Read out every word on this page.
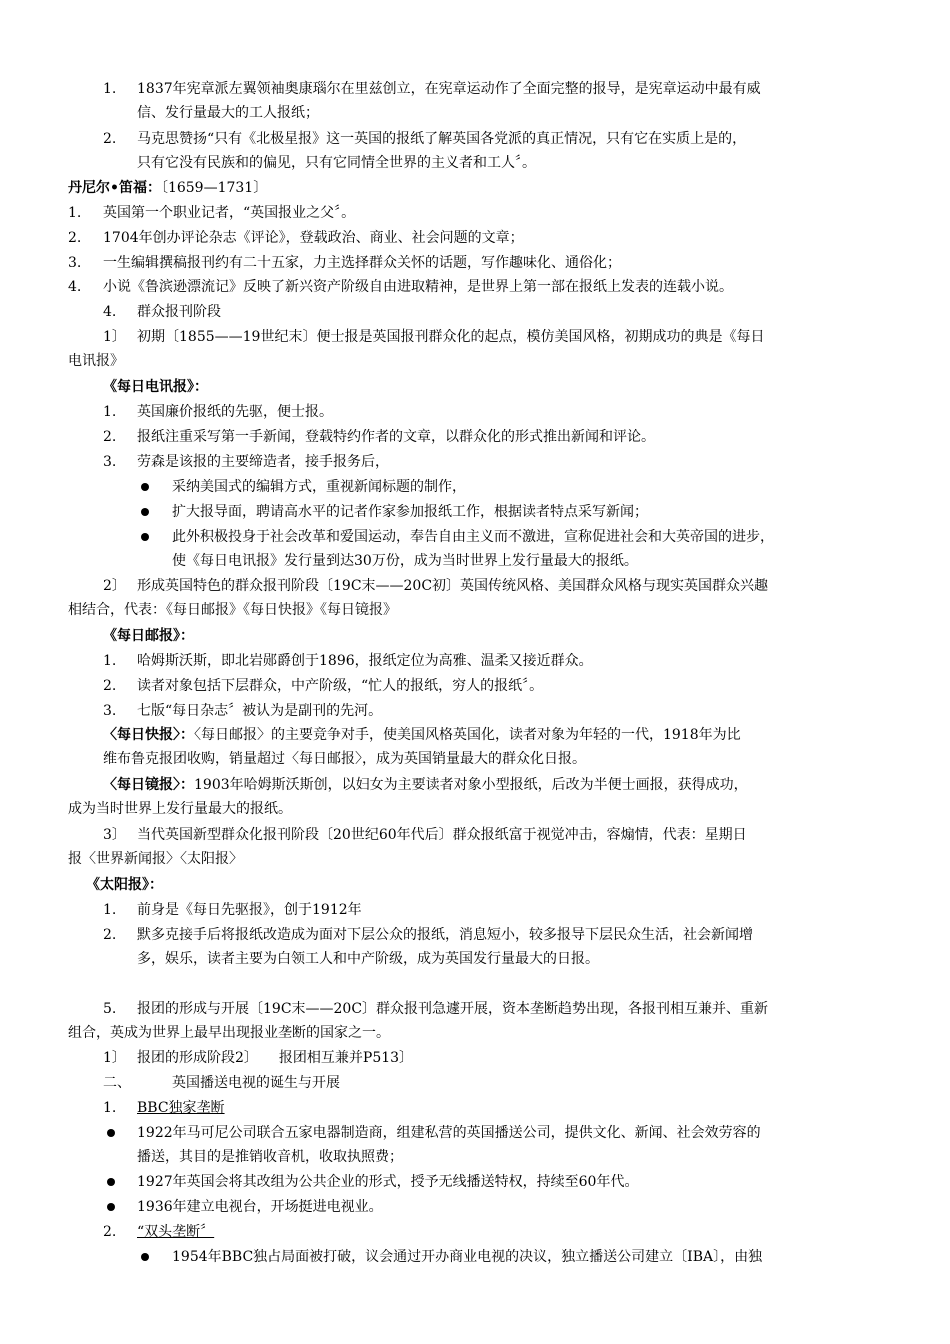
1. 1837年宪章派左翼领袖奥康瑙尔在里兹创立，在宪章运动作了全面完整的报导，是宪章运动中最有威
信、发行量最大的工人报纸；
2. 马克思赞扬“只有《北极星报》这一英国的报纸了解英国各党派的真正情况，只有它在实质上是的，
只有它没有民族和的偏见，只有它同情全世界的主义者和工人〞。
丹尼尔•笛福：〔1659—1731〕
1. 英国第一个职业记者，“英国报业之父〞。
2. 1704年创办评论杂志《评论》，登载政治、商业、社会问题的文章；
3. 一生编辑撰稿报刊约有二十五家，力主选择群众关怀的话题，写作趣味化、通俗化；
4. 小说《鲁滨逊漂流记》反映了新兴资产阶级自由进取精神，是世界上第一部在报纸上发表的连载小说。
4. 群众报刊阶段
1〕 初期〔1855——19世纪末〕便士报是英国报刊群众化的起点，模仿美国风格，初期成功的典是《每日
电讯报》
《每日电讯报》：
1. 英国廉价报纸的先驱，便士报。
2. 报纸注重采写第一手新闻，登载特约作者的文章，以群众化的形式推出新闻和评论。
3. 劳森是该报的主要缔造者，接手报务后，
采纳美国式的编辑方式，重视新闻标题的制作，
扩大报导面，聘请高水平的记者作家参加报纸工作，根据读者特点采写新闻；
此外积极投身于社会改革和爱国运动，奉告自由主义而不激进，宣称促进社会和大英帝国的进步，
使《每日电讯报》发行量到达30万份，成为当时世界上发行量最大的报纸。
2〕 形成英国特色的群众报刊阶段〔19C末——20C初〕英国传统风格、美国群众风格与现实英国群众兴趣
相结合，代表：《每日邮报》《每日快报》《每日镜报》
《每日邮报》：
1. 哈姆斯沃斯，即北岩郧爵创于1896，报纸定位为高雅、温柔又接近群众。
2. 读者对象包括下层群众，中产阶级，“忙人的报纸，穷人的报纸〞。
3. 七版“每日杂志〞被认为是副刊的先河。
〈每日快报〉：〈每日邮报〉的主要竞争对手，使美国风格英国化，读者对象为年轻的一代，1918年为比
维布鲁克报团收购，销量超过〈每日邮报〉，成为英国销量最大的群众化日报。
〈每日镜报〉：1903年哈姆斯沃斯创，以妇女为主要读者对象小型报纸，后改为半便士画报，获得成功，
成为当时世界上发行量最大的报纸。
3〕 当代英国新型群众化报刊阶段〔20世纪60年代后〕群众报纸富于视觉冲击，容煽情，代表：星期日
报〈世界新闻报〉〈太阳报〉
《太阳报》：
1. 前身是《每日先驱报》，创于1912年
2. 默多克接手后将报纸改造成为面对下层公众的报纸，消息短小，较多报导下层民众生活，社会新闻增
多，娱乐，读者主要为白领工人和中产阶级，成为英国发行量最大的日报。
5. 报团的形成与开展〔19C末——20C〕群众报刊急遽开展，资本垄断趋势出现，各报刊相互兼并、重新
组合，英成为世界上最早出现报业垄断的国家之一。
1〕 报团的形成阶段2〕　　报团相互兼并P513〕
二、	英国播送电视的诞生与开展
1. BBC独家垄断
1922年马可尼公司联合五家电器制造商，组建私营的英国播送公司，提供文化、新闻、社会效劳容的
播送，其目的是推销收音机，收取执照费；
1927年英国会将其改组为公共企业的形式，授予无线播送特权，持续至60年代。
1936年建立电视台，开场挺进电视业。
2. “双头垄断〞
1954年BBC独占局面被打破，议会通过开办商业电视的决议，独立播送公司建立〔IBA〕，由独
